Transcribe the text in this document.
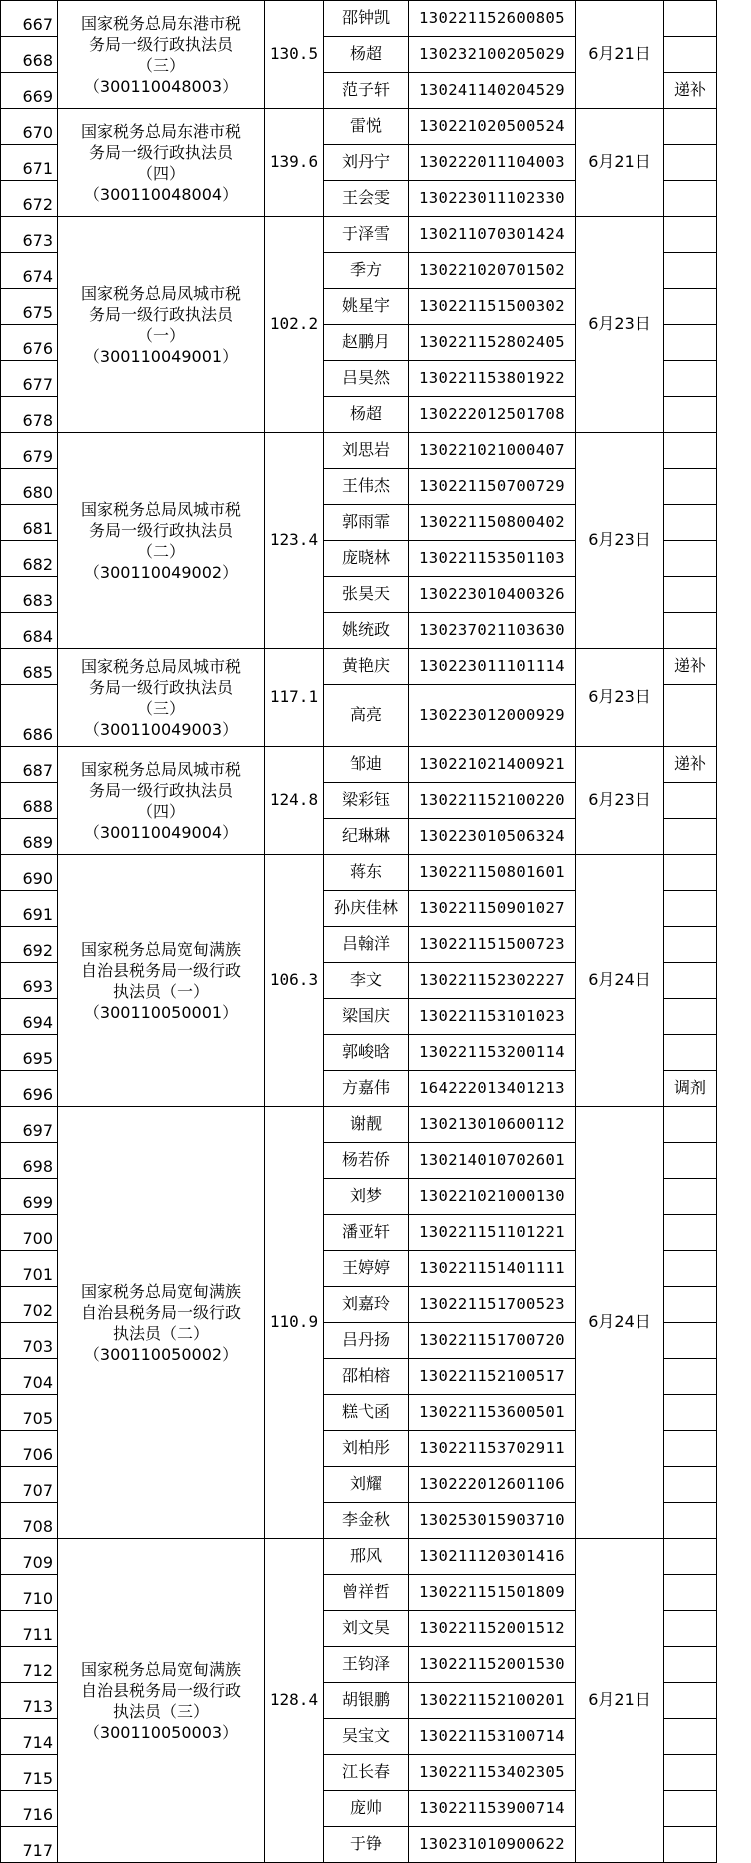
667	国家税务总局东港市税
务局一级行政执法员
（三）
（300110048003）	130.5	邵钟凯	130221152600805	6月21日	
668			杨超	130232100205029		
669			范子轩	130241140204529		递补
670	国家税务总局东港市税
务局一级行政执法员
（四）
（300110048004）	139.6	雷悦	130221020500524	6月21日	
671			刘丹宁	130222011104003		
672			王会雯	130223011102330		
673	国家税务总局凤城市税
务局一级行政执法员
（一）
（300110049001）	102.2	于泽雪	130211070301424	6月23日	
674			季方	130221020701502		
675			姚星宇	130221151500302		
676			赵鹏月	130221152802405		
677			吕昊然	130221153801922		
678			杨超	130222012501708		
679	国家税务总局凤城市税
务局一级行政执法员
（二）
（300110049002）	123.4	刘思岩	130221021000407	6月23日	
680			王伟杰	130221150700729		
681			郭雨霏	130221150800402		
682			庞晓林	130221153501103		
683			张昊天	130223010400326		
684			姚统政	130237021103630		
685	国家税务总局凤城市税
务局一级行政执法员
（三）
（300110049003）	117.1	黄艳庆	130223011101114	6月23日	递补
686			高亮	130223012000929		
687	国家税务总局凤城市税
务局一级行政执法员
（四）
（300110049004）	124.8	邹迪	130221021400921	6月23日	递补
688			梁彩钰	130221152100220		
689			纪琳琳	130223010506324		
690	国家税务总局宽甸满族
自治县税务局一级行政
执法员（一）
（300110050001）	106.3	蒋东	130221150801601	6月24日	
691			孙庆佳林	130221150901027		
692			吕翰洋	130221151500723		
693			李文	130221152302227		
694			梁国庆	130221153101023		
695			郭峻晗	130221153200114		
696			方嘉伟	164222013401213		调剂
697	国家税务总局宽甸满族
自治县税务局一级行政
执法员（二）
（300110050002）	110.9	谢靓	130213010600112	6月24日	
698			杨若侨	130214010702601		
699			刘梦	130221021000130		
700			潘亚轩	130221151101221		
701			王婷婷	130221151401111		
702			刘嘉玲	130221151700523		
703			吕丹扬	130221151700720		
704			邵柏榕	130221152100517		
705			糕弋函	130221153600501		
706			刘柏彤	130221153702911		
707			刘耀	130222012601106		
708			李金秋	130253015903710		
709	国家税务总局宽甸满族
自治县税务局一级行政
执法员（三）
（300110050003）	128.4	邢风	130211120301416	6月21日	
710			曾祥哲	130221151501809		
711			刘文昊	130221152001512		
712			王钧泽	130221152001530		
713			胡银鹏	130221152100201		
714			吴宝文	130221153100714		
715			江长春	130221153402305		
716			庞帅	130221153900714		
717			于铮	130231010900622		
